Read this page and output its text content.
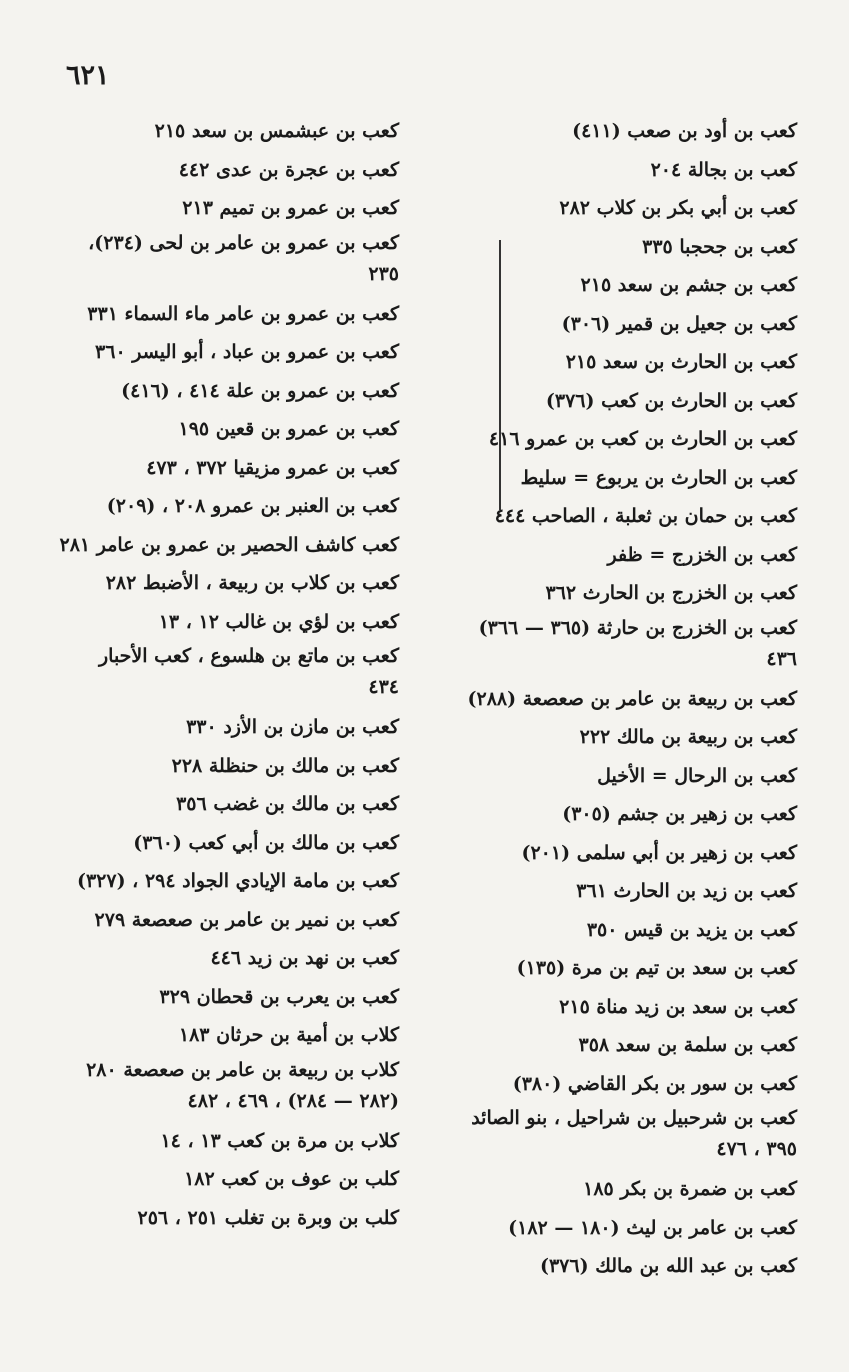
٦٢١
كعب بن أود بن صعب (٤١١)
كعب بن بجالة ٢٠٤
كعب بن أبي بكر بن كلاب ٢٨٢
كعب بن جحجبا ٣٣٥
كعب بن جشم بن سعد ٢١٥
كعب بن جعيل بن قمير (٣٠٦)
كعب بن الحارث بن سعد ٢١٥
كعب بن الحارث بن كعب (٣٧٦)
كعب بن الحارث بن كعب بن عمرو ٤١٦
كعب بن الحارث بن يربوع = سليط
كعب بن حمان بن ثعلبة ، الصاحب ٤٤٤
كعب بن الخزرج = ظفر
كعب بن الخزرج بن الحارث ٣٦٢
كعب بن الخزرج بن حارثة (٣٦٥ — ٣٦٦) ٤٣٦
كعب بن ربيعة بن عامر بن صعصعة (٢٨٨)
كعب بن ربيعة بن مالك ٢٢٢
كعب بن الرحال = الأخيل
كعب بن زهير بن جشم (٣٠٥)
كعب بن زهير بن أبي سلمى (٢٠١)
كعب بن زيد بن الحارث ٣٦١
كعب بن يزيد بن قيس ٣٥٠
كعب بن سعد بن تيم بن مرة (١٣٥)
كعب بن سعد بن زيد مناة ٢١٥
كعب بن سلمة بن سعد ٣٥٨
كعب بن سور بن بكر القاضي (٣٨٠)
كعب بن شرحبيل بن شراحيل ، بنو الصائد ٣٩٥ ، ٤٧٦
كعب بن ضمرة بن بكر ١٨٥
كعب بن عامر بن ليث (١٨٠ — ١٨٢)
كعب بن عبد الله بن مالك (٣٧٦)
كعب بن عبشمس بن سعد ٢١٥
كعب بن عجرة بن عدى ٤٤٢
كعب بن عمرو بن تميم ٢١٣
كعب بن عمرو بن عامر بن لحى (٢٣٤)، ٢٣٥
كعب بن عمرو بن عامر ماء السماء ٣٣١
كعب بن عمرو بن عباد ، أبو اليسر ٣٦٠
كعب بن عمرو بن علة ٤١٤ ، (٤١٦)
كعب بن عمرو بن قعين ١٩٥
كعب بن عمرو مزيقيا ٣٧٢ ، ٤٧٣
كعب بن العنبر بن عمرو ٢٠٨ ، (٢٠٩)
كعب كاشف الحصير بن عمرو بن عامر ٢٨١
كعب بن كلاب بن ربيعة ، الأضبط ٢٨٢
كعب بن لؤي بن غالب ١٢ ، ١٣
كعب بن ماتع بن هلسوع ، كعب الأحبار ٤٣٤
كعب بن مازن بن الأزد ٣٣٠
كعب بن مالك بن حنظلة ٢٢٨
كعب بن مالك بن غضب ٣٥٦
كعب بن مالك بن أبي كعب (٣٦٠)
كعب بن مامة الإيادي الجواد ٢٩٤ ، (٣٢٧)
كعب بن نمير بن عامر بن صعصعة ٢٧٩
كعب بن نهد بن زيد ٤٤٦
كعب بن يعرب بن قحطان ٣٢٩
كلاب بن أمية بن حرثان ١٨٣
كلاب بن ربيعة بن عامر بن صعصعة ٢٨٠ (٢٨٢ — ٢٨٤) ، ٤٦٩ ، ٤٨٢
كلاب بن مرة بن كعب ١٣ ، ١٤
كلب بن عوف بن كعب ١٨٢
كلب بن وبرة بن تغلب ٢٥١ ، ٢٥٦
